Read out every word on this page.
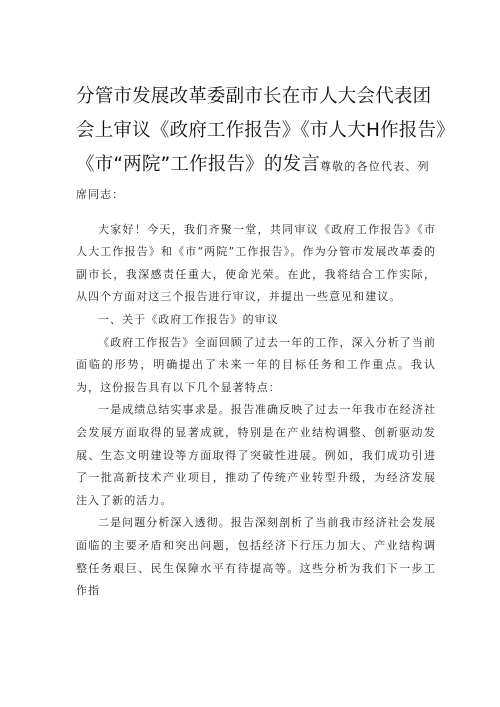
分管市发展改革委副市长在市人大会代表团
会上审议《政府工作报告》《市人大H作报告》
《市“两院”工作报告》的发言尊敬的各位代表、列

席同志：

大家好！今天，我们齐聚一堂，共同审议《政府工作报告》《市人大工作报告》和《市“两院”工作报告》。作为分管市发展改革委的副市长，我深感责任重大，使命光荣。在此，我将结合工作实际，从四个方面对这三个报告进行审议，并提出一些意见和建议。

一、关于《政府工作报告》的审议

《政府工作报告》全面回顾了过去一年的工作，深入分析了当前面临的形势，明确提出了未来一年的目标任务和工作重点。我认为，这份报告具有以下几个显著特点：

一是成绩总结实事求是。报告准确反映了过去一年我市在经济社会发展方面取得的显著成就，特别是在产业结构调整、创新驱动发展、生态文明建设等方面取得了突破性进展。例如，我们成功引进了一批高新技术产业项目，推动了传统产业转型升级，为经济发展注入了新的活力。

二是问题分析深入透彻。报告深刻剖析了当前我市经济社会发展面临的主要矛盾和突出问题，包括经济下行压力加大、产业结构调整任务艰巨、民生保障水平有待提高等。这些分析为我们下一步工作指
